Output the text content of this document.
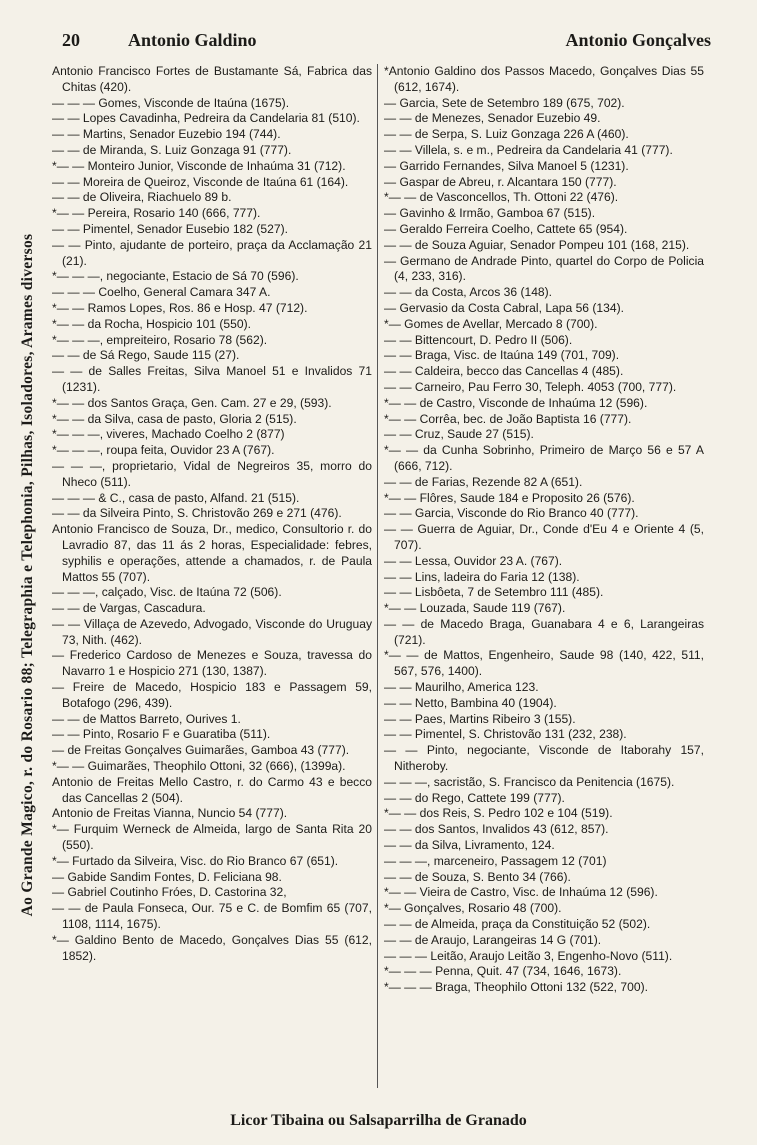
20	Antonio Galdino	Antonio Gonçalves
Ao Grande Magico, r. do Rosario 88; Telegraphia e Telephonia, Pilhas, Isoladores, Arames diversos

Antonio Francisco Fortes de Bustamante Sá, Fabrica das Chitas (420).

— — — Gomes, Visconde de Itaúna (1675).

— — Lopes Cavadinha, Pedreira da Candelaria 81 (510).

— — Martins, Senador Euzebio 194 (744).

— — de Miranda, S. Luiz Gonzaga 91 (777).

*— — Monteiro Junior, Visconde de Inhaúma 31 (712).

— — Moreira de Queiroz, Visconde de Itaúna 61 (164).

— — de Oliveira, Riachuelo 89 b.

*— — Pereira, Rosario 140 (666, 777).

— — Pimentel, Senador Eusebio 182 (527).

— — Pinto, ajudante de porteiro, praça da Acclamação 21 (21).

*— — —, negociante, Estacio de Sá 70 (596).

— — — Coelho, General Camara 347 A.

*— — Ramos Lopes, Ros. 86 e Hosp. 47 (712).

*— — da Rocha, Hospicio 101 (550).

*— — —, empreiteiro, Rosario 78 (562).

— — de Sá Rego, Saude 115 (27).

— — de Salles Freitas, Silva Manoel 51 e Invalidos 71 (1231).

*— — dos Santos Graça, Gen. Cam. 27 e 29, (593).

*— — da Silva, casa de pasto, Gloria 2 (515).

*— — —, viveres, Machado Coelho 2 (877)

*— — —, roupa feita, Ouvidor 23 A (767).

— — —, proprietario, Vidal de Negreiros 35, morro do Nheco (511).

— — — & C., casa de pasto, Alfand. 21 (515).

— — da Silveira Pinto, S. Christovão 269 e 271 (476).

Antonio Francisco de Souza, Dr., medico, Consultorio r. do Lavradio 87, das 11 ás 2 horas, Especialidade: febres, syphilis e operações, attende a chamados, r. de Paula Mattos 55 (707).

— — —, calçado, Visc. de Itaúna 72 (506).

— — de Vargas, Cascadura.

— — Villaça de Azevedo, Advogado, Visconde do Uruguay 73, Nith. (462).

— Frederico Cardoso de Menezes e Souza, travessa do Navarro 1 e Hospicio 271 (130, 1387).

— Freire de Macedo, Hospicio 183 e Passagem 59, Botafogo (296, 439).

— — de Mattos Barreto, Ourives 1.

— — Pinto, Rosario F e Guaratiba (511).

— de Freitas Gonçalves Guimarães, Gamboa 43 (777).

*— — Guimarães, Theophilo Ottoni, 32 (666), (1399a).

Antonio de Freitas Mello Castro, r. do Carmo 43 e becco das Cancellas 2 (504).

Antonio de Freitas Vianna, Nuncio 54 (777).

*— Furquim Werneck de Almeida, largo de Santa Rita 20 (550).

*— Furtado da Silveira, Visc. do Rio Branco 67 (651).

— Gabide Sandim Fontes, D. Feliciana 98.

— Gabriel Coutinho Fróes, D. Castorina 32,

— — de Paula Fonseca, Our. 75 e C. de Bomfim 65 (707, 1108, 1114, 1675).

*— Galdino Bento de Macedo, Gonçalves Dias 55 (612, 1852).

*Antonio Galdino dos Passos Macedo, Gonçalves Dias 55 (612, 1674).

— Garcia, Sete de Setembro 189 (675, 702).

— — de Menezes, Senador Euzebio 49.

— — de Serpa, S. Luiz Gonzaga 226 A (460).

— — Villela, s. e m., Pedreira da Candelaria 41 (777).

— Garrido Fernandes, Silva Manoel 5 (1231).

— Gaspar de Abreu, r. Alcantara 150 (777).

*— — de Vasconcellos, Th. Ottoni 22 (476).

— Gavinho & Irmão, Gamboa 67 (515).

— Geraldo Ferreira Coelho, Cattete 65 (954).

— — de Souza Aguiar, Senador Pompeu 101 (168, 215).

— Germano de Andrade Pinto, quartel do Corpo de Policia (4, 233, 316).

— — da Costa, Arcos 36 (148).

— Gervasio da Costa Cabral, Lapa 56 (134).

*— Gomes de Avellar, Mercado 8 (700).

— — Bittencourt, D. Pedro II (506).

— — Braga, Visc. de Itaúna 149 (701, 709).

— — Caldeira, becco das Cancellas 4 (485).

— — Carneiro, Pau Ferro 30, Teleph. 4053 (700, 777).

*— — de Castro, Visconde de Inhaúma 12 (596).

*— — Corrêa, bec. de João Baptista 16 (777).

— — Cruz, Saude 27 (515).

*— — da Cunha Sobrinho, Primeiro de Março 56 e 57 A (666, 712).

— — de Farias, Rezende 82 A (651).

*— — Flôres, Saude 184 e Proposito 26 (576).

— — Garcia, Visconde do Rio Branco 40 (777).

— — Guerra de Aguiar, Dr., Conde d'Eu 4 e Oriente 4 (5, 707).

— — Lessa, Ouvidor 23 A. (767).

— — Lins, ladeira do Faria 12 (138).

— — Lisbôeta, 7 de Setembro 111 (485).

*— — Louzada, Saude 119 (767).

— — de Macedo Braga, Guanabara 4 e 6, Larangeiras (721).

*— — de Mattos, Engenheiro, Saude 98 (140, 422, 511, 567, 576, 1400).

— — Maurilho, America 123.

— — Netto, Bambina 40 (1904).

— — Paes, Martins Ribeiro 3 (155).

— — Pimentel, S. Christovão 131 (232, 238).

— — Pinto, negociante, Visconde de Itaborahy 157, Nitheroby.

— — —, sacristão, S. Francisco da Penitencia (1675).

— — do Rego, Cattete 199 (777).

*— — dos Reis, S. Pedro 102 e 104 (519).

— — dos Santos, Invalidos 43 (612, 857).

— — da Silva, Livramento, 124.

— — —, marceneiro, Passagem 12 (701)

— — de Souza, S. Bento 34 (766).

*— — Vieira de Castro, Visc. de Inhaúma 12 (596).

*— Gonçalves, Rosario 48 (700).

— — de Almeida, praça da Constituição 52 (502).

— — de Araujo, Larangeiras 14 G (701).

— — — Leitão, Araujo Leitão 3, Engenho-Novo (511).

*— — — Penna, Quit. 47 (734, 1646, 1673).

*— — — Braga, Theophilo Ottoni 132 (522, 700).

Licor Tibaina ou Salsaparrilha de Granado
